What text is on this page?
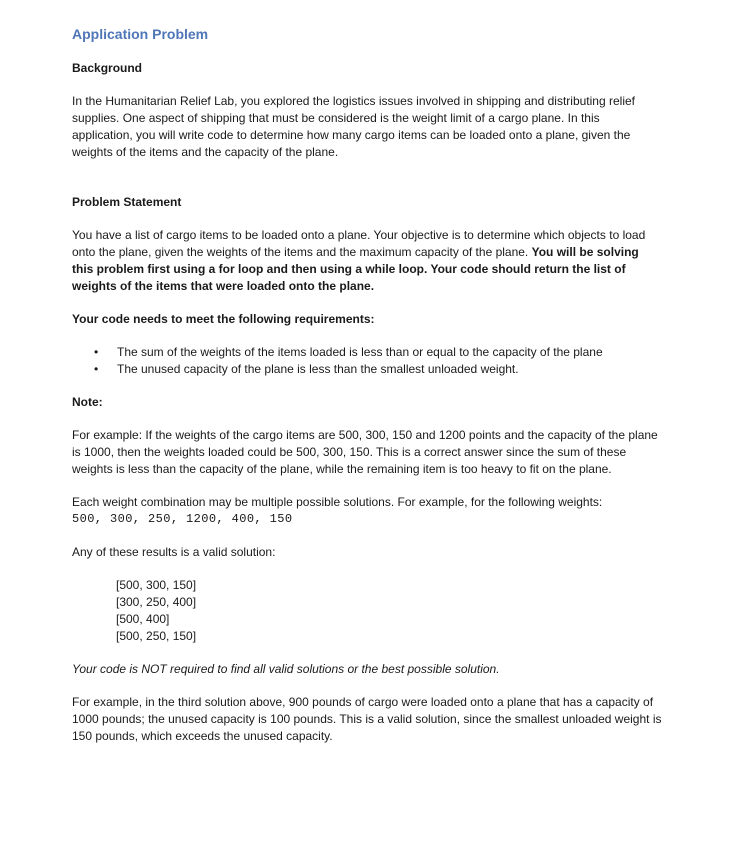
Application Problem
Background

In the Humanitarian Relief Lab, you explored the logistics issues involved in shipping and distributing relief supplies. One aspect of shipping that must be considered is the weight limit of a cargo plane. In this application, you will write code to determine how many cargo items can be loaded onto a plane, given the weights of the items and the capacity of the plane.

Problem Statement

You have a list of cargo items to be loaded onto a plane. Your objective is to determine which objects to load onto the plane, given the weights of the items and the maximum capacity of the plane. You will be solving this problem first using a for loop and then using a while loop. Your code should return the list of weights of the items that were loaded onto the plane.

Your code needs to meet the following requirements:
• The sum of the weights of the items loaded is less than or equal to the capacity of the plane
• The unused capacity of the plane is less than the smallest unloaded weight.
Note:

For example: If the weights of the cargo items are 500, 300, 150 and 1200 points and the capacity of the plane is 1000, then the weights loaded could be 500, 300, 150. This is a correct answer since the sum of these weights is less than the capacity of the plane, while the remaining item is too heavy to fit on the plane.

Each weight combination may be multiple possible solutions. For example, for the following weights:

500, 300, 250, 1200, 400, 150

Any of these results is a valid solution:

[500, 300, 150]
[300, 250, 400]
[500, 400]
[500, 250, 150]

Your code is NOT required to find all valid solutions or the best possible solution.

For example, in the third solution above, 900 pounds of cargo were loaded onto a plane that has a capacity of 1000 pounds; the unused capacity is 100 pounds. This is a valid solution, since the smallest unloaded weight is 150 pounds, which exceeds the unused capacity.
